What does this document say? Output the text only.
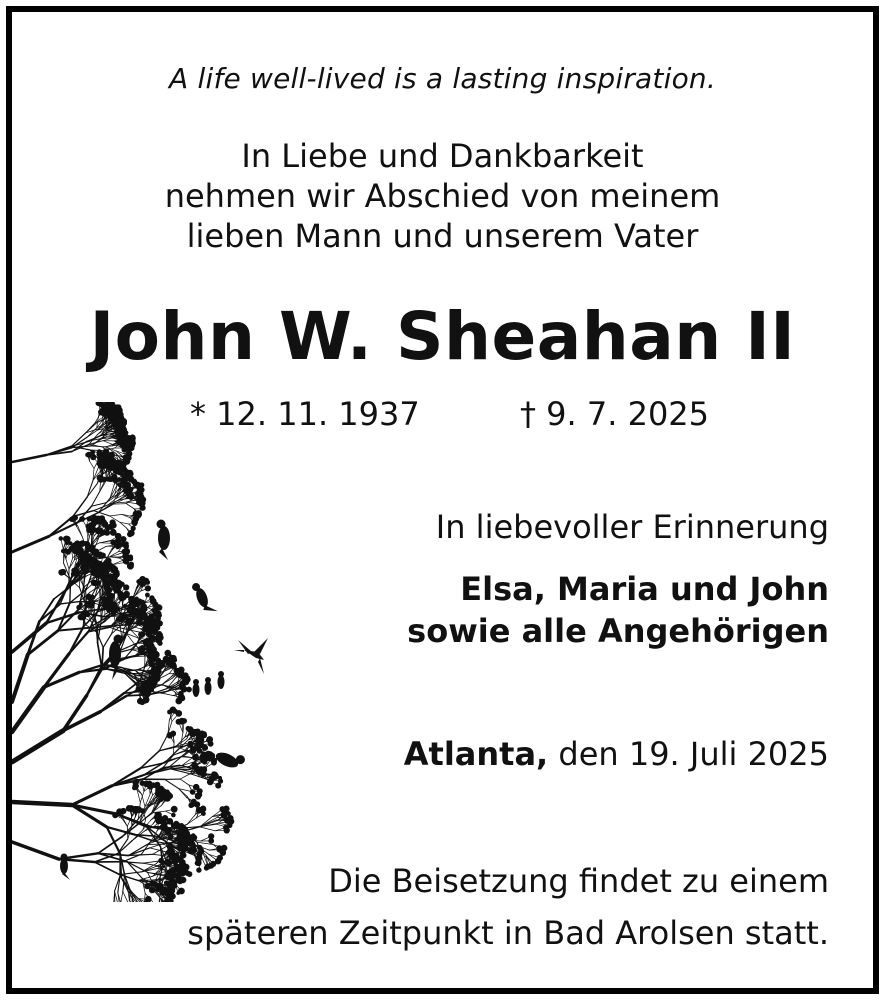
A life well-lived is a lasting inspiration.
In Liebe und Dankbarkeit
nehmen wir Abschied von meinem
lieben Mann und unserem Vater
John W. Sheahan II
* 12. 11. 1937	† 9. 7. 2025
In liebevoller Erinnerung
Elsa, Maria und John
sowie alle Angehörigen
Atlanta, den 19. Juli 2025
Die Beisetzung findet zu einem
späteren Zeitpunkt in Bad Arolsen statt.
